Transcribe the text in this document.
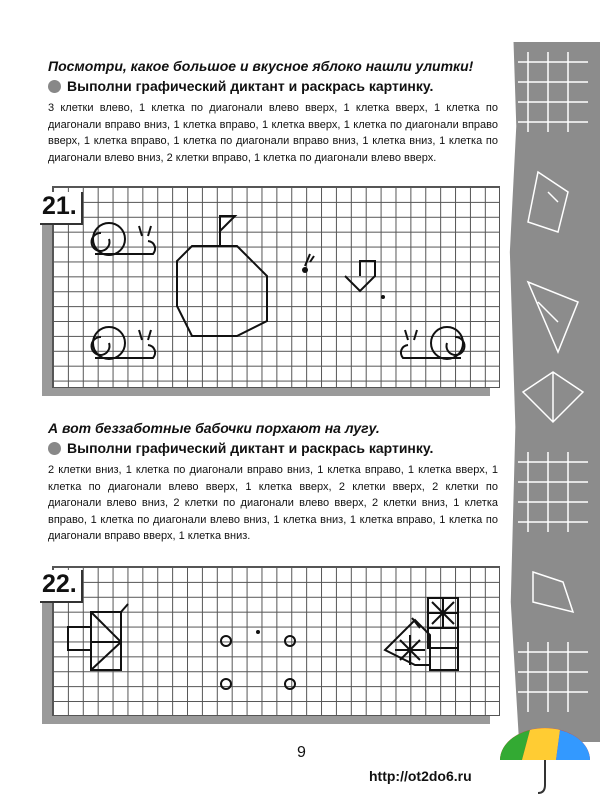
Посмотри, какое большое и вкусное яблоко нашли улитки!
Выполни графический диктант и раскрась картинку.
3 клетки влево, 1 клетка по диагонали влево вверх, 1 клетка вверх, 1 клетка по диагонали вправо вниз, 1 клетка вправо, 1 клетка вверх, 1 клетка по диагонали вправо вверх, 1 клетка вправо, 1 клетка по диагонали вправо вниз, 1 клетка вниз, 1 клетка по диагонали влево вниз, 2 клетки вправо, 1 клетка по диагонали влево вверх.
21.
А вот беззаботные бабочки порхают на лугу.
Выполни графический диктант и раскрась картинку.
2 клетки вниз, 1 клетка по диагонали вправо вниз, 1 клетка вправо, 1 клетка вверх, 1 клетка по диагонали влево вверх, 1 клетка вверх, 2 клетки вверх, 2 клетки по диагонали влево вниз, 2 клетки по диагонали влево вверх, 2 клетки вниз, 1 клетка вправо, 1 клетка по диагонали влево вниз, 1 клетка вниз, 1 клетка вправо, 1 клетка по диагонали вправо вверх, 1 клетка вниз.
22.
9
http://ot2do6.ru
